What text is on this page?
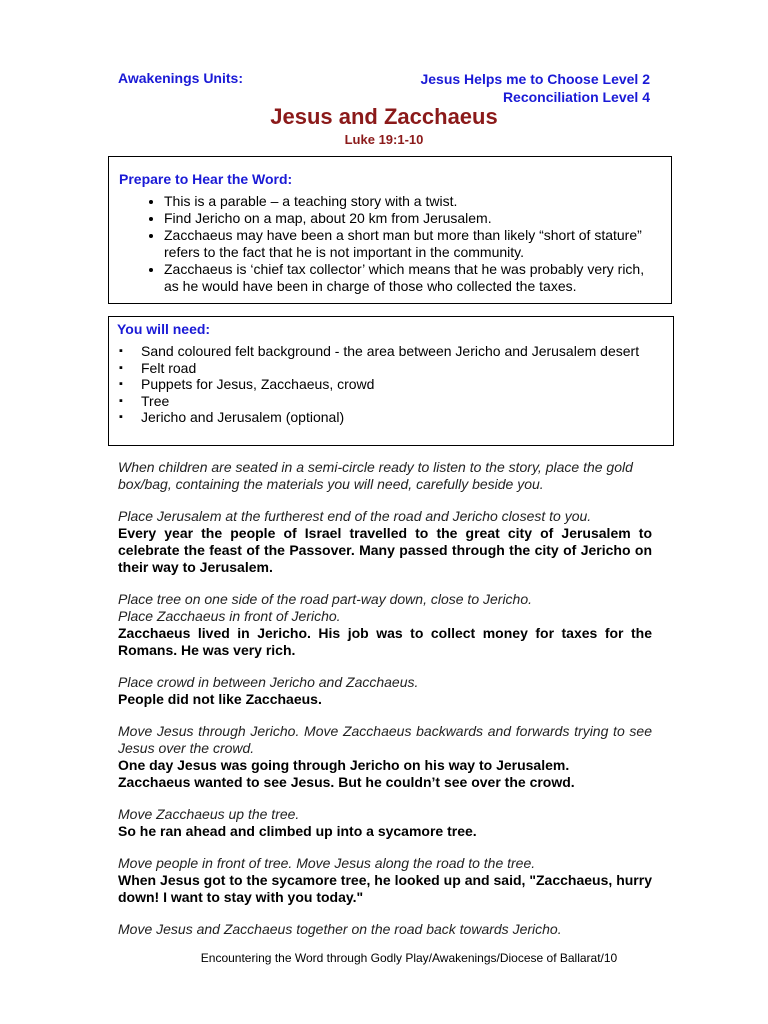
Awakenings Units:	Jesus Helps me to Choose Level 2
Reconciliation Level 4
Jesus and Zacchaeus
Luke 19:1-10
Prepare to Hear the Word:
• This is a parable – a teaching story with a twist.
• Find Jericho on a map, about 20 km from Jerusalem.
• Zacchaeus may have been a short man but more than likely “short of stature” refers to the fact that he is not important in the community.
• Zacchaeus is ‘chief tax collector’ which means that he was probably very rich, as he would have been in charge of those who collected the taxes.
You will need:
▪ Sand coloured felt background - the area between Jericho and Jerusalem desert
▪ Felt road
▪ Puppets for Jesus, Zacchaeus, crowd
▪ Tree
▪ Jericho and Jerusalem (optional)

When children are seated in a semi-circle ready to listen to the story, place the gold box/bag, containing the materials you will need, carefully beside you.

Place Jerusalem at the furtherest end of the road and Jericho closest to you.
Every year the people of Israel travelled to the great city of Jerusalem to celebrate the feast of the Passover. Many passed through the city of Jericho on their way to Jerusalem.

Place tree on one side of the road part-way down, close to Jericho.
Place Zacchaeus in front of Jericho.
Zacchaeus lived in Jericho. His job was to collect money for taxes for the Romans. He was very rich.

Place crowd in between Jericho and Zacchaeus.
People did not like Zacchaeus.

Move Jesus through Jericho. Move Zacchaeus backwards and forwards trying to see Jesus over the crowd.
One day Jesus was going through Jericho on his way to Jerusalem.
Zacchaeus wanted to see Jesus. But he couldn’t see over the crowd.

Move Zacchaeus up the tree.
So he ran ahead and climbed up into a sycamore tree.

Move people in front of tree. Move Jesus along the road to the tree.
When Jesus got to the sycamore tree, he looked up and said, "Zacchaeus, hurry down! I want to stay with you today."

Move Jesus and Zacchaeus together on the road back towards Jericho.

Encountering the Word through Godly Play/Awakenings/Diocese of Ballarat/10
